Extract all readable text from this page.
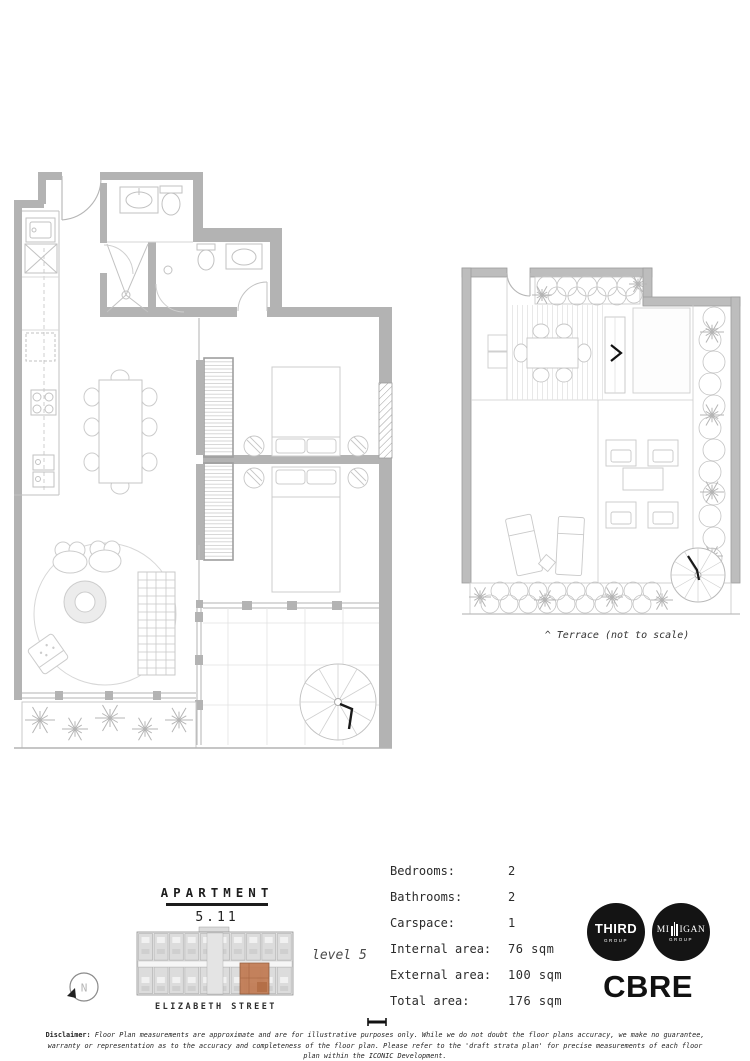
^ Terrace (not to scale)
APARTMENT
5.11
level 5
ELIZABETH STREET
N
Bedrooms:	2
Bathrooms:	2
Carspace:	1
Internal area:	76 sqm
External area:	100 sqm
Total area:	176 sqm
THIRD
GROUP
MI IGAN
GROUP
CBRE
Disclaimer: Floor Plan measurements are approximate and are for illustrative purposes only. While we do not doubt the floor plans accuracy, we make no guarantee, warranty or representation as to the accuracy and completeness of the floor plan. Please refer to the 'draft strata plan' for precise measurements of each floor plan within the ICONIC Development.
